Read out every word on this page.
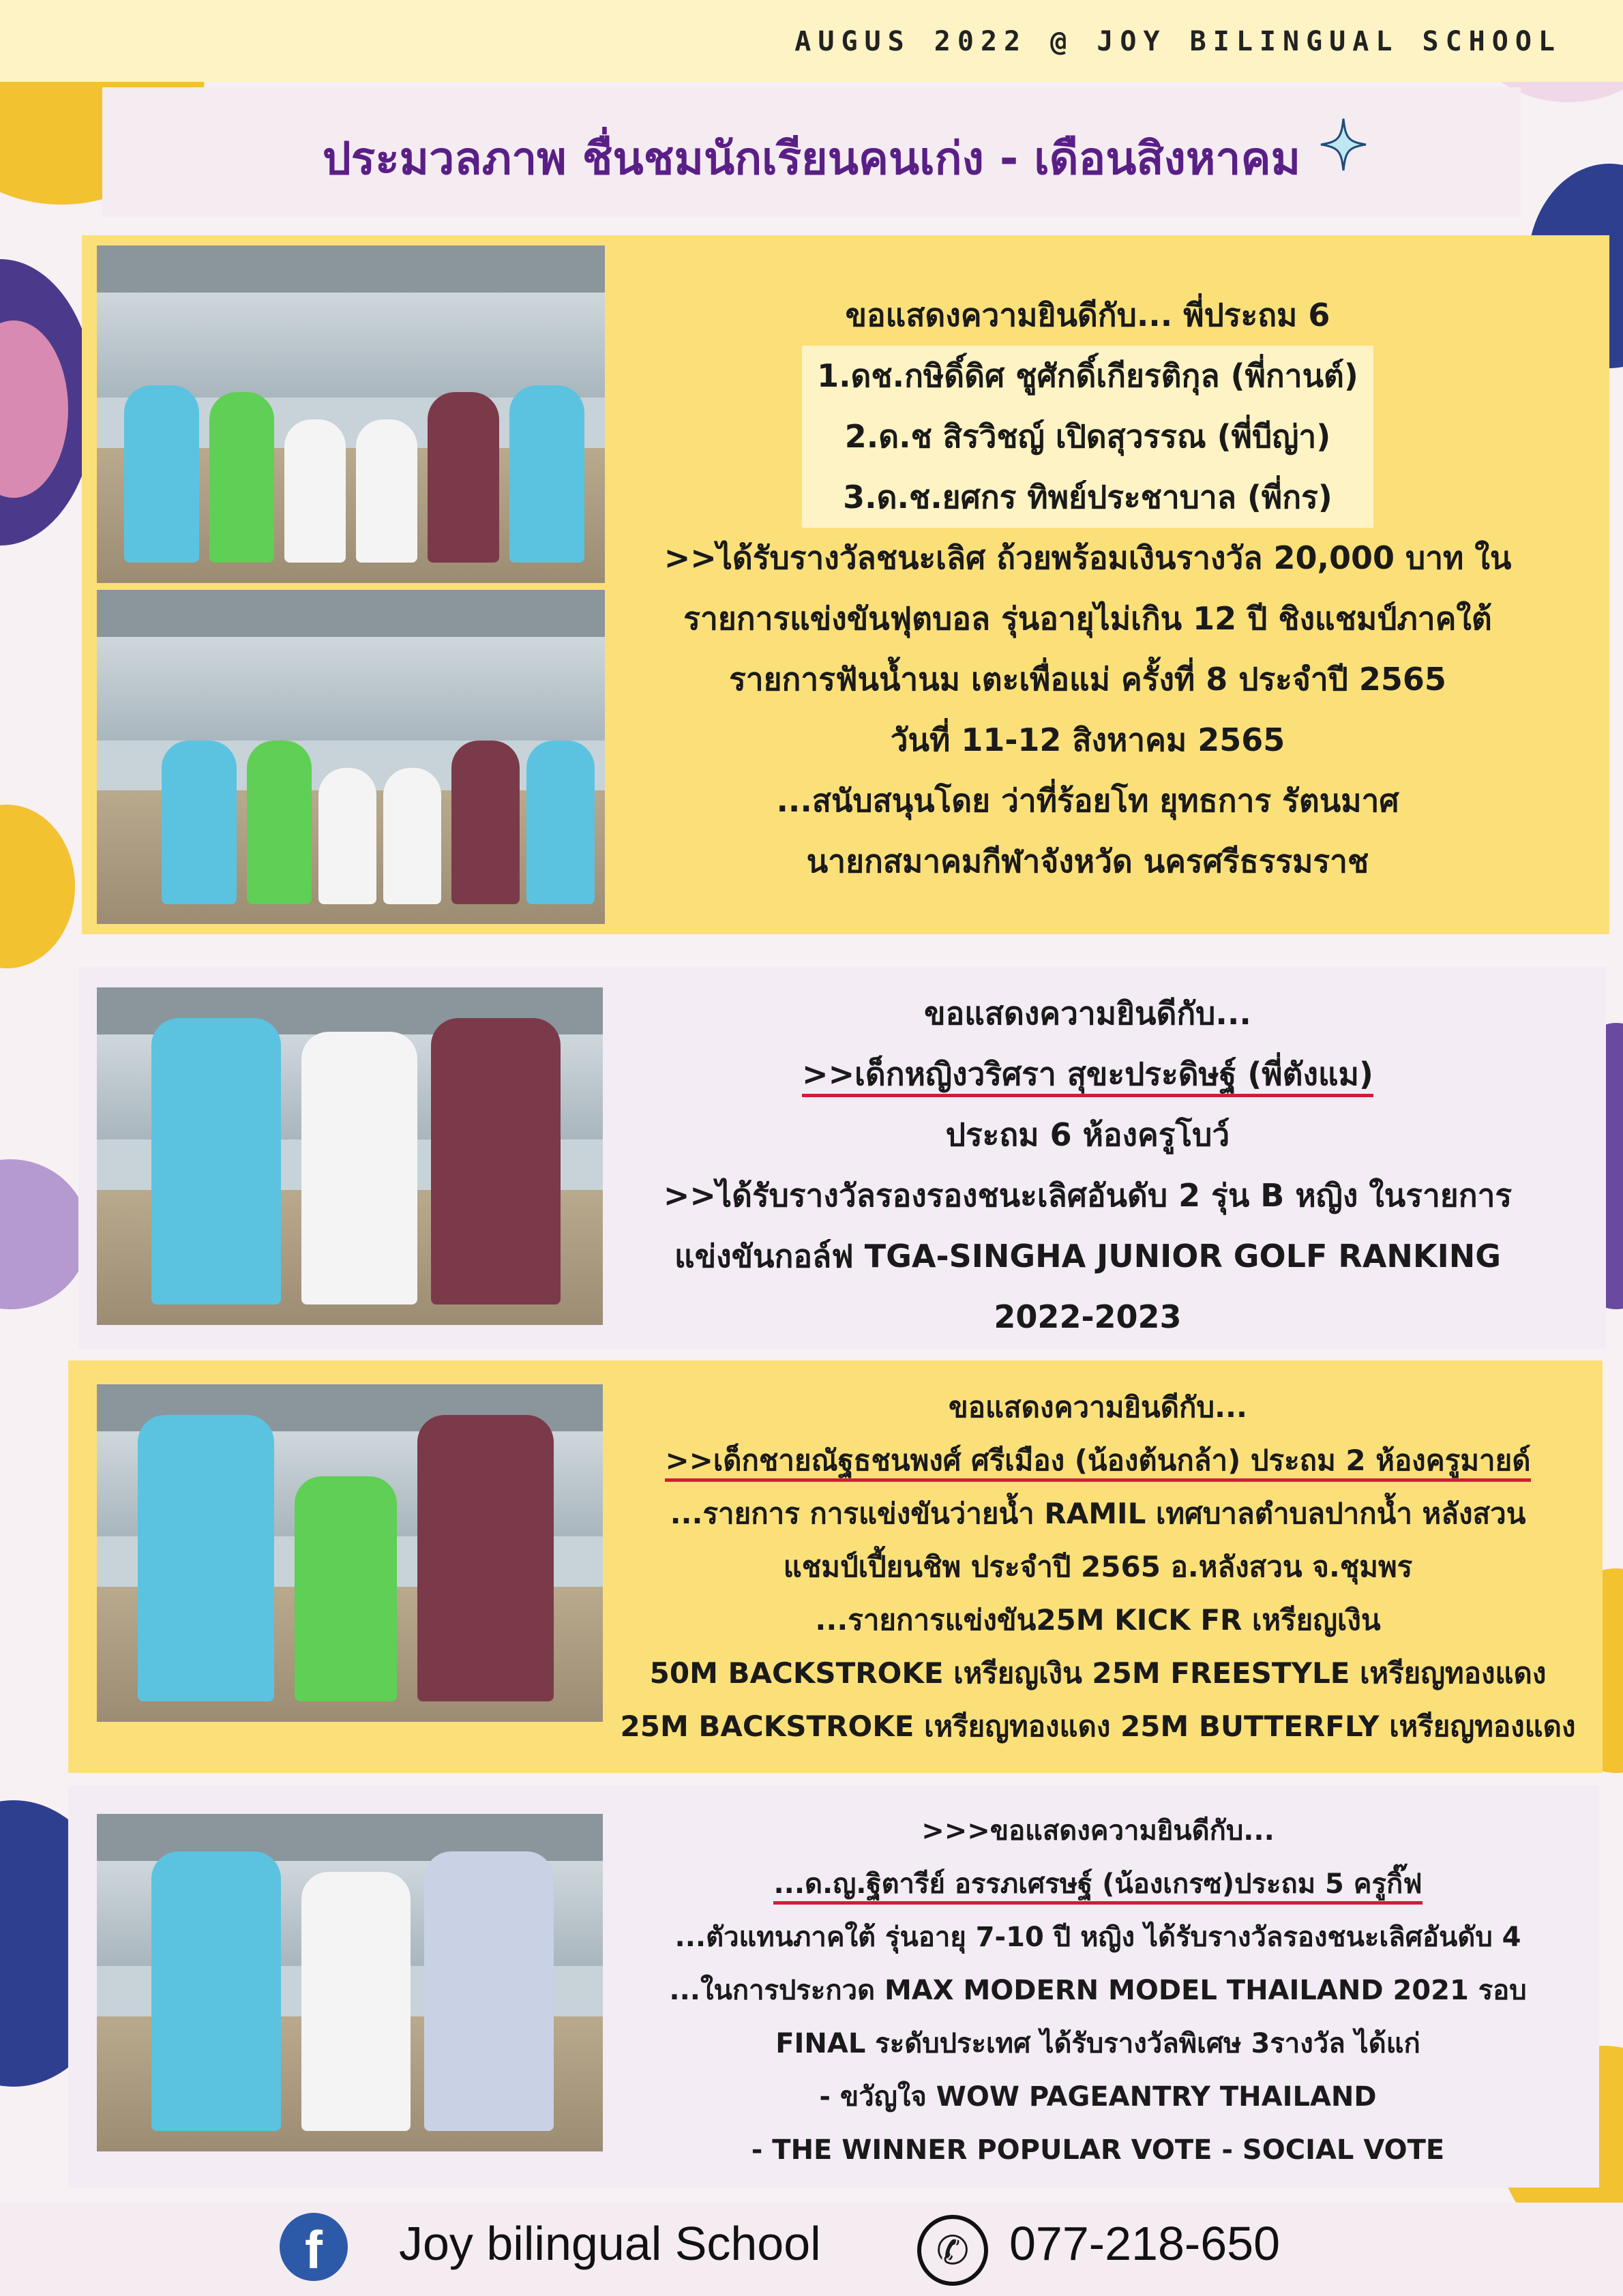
AUGUS 2022 @ JOY BILINGUAL SCHOOL
ประมวลภาพ ชื่นชมนักเรียนคนเก่ง - เดือนสิงหาคม
ขอแสดงความยินดีกับ... พี่ประถม 6
1.ดช.กษิดิ์ดิศ ชูศักดิ์เกียรติกุล (พี่กานต์)
2.ด.ช สิรวิชญ์ เปิดสุวรรณ (พี่บีญ่า)
3.ด.ช.ยศกร ทิพย์ประชาบาล (พี่กร)
>>ได้รับรางวัลชนะเลิศ ถ้วยพร้อมเงินรางวัล 20,000 บาท ใน
รายการแข่งขันฟุตบอล รุ่นอายุไม่เกิน 12 ปี ชิงแชมป์ภาคใต้
รายการฟันน้ำนม เตะเพื่อแม่ ครั้งที่ 8 ประจำปี 2565
วันที่ 11-12 สิงหาคม 2565
...สนับสนุนโดย ว่าที่ร้อยโท ยุทธการ รัตนมาศ
นายกสมาคมกีฬาจังหวัด นครศรีธรรมราช
ขอแสดงความยินดีกับ...
>>เด็กหญิงวริศรา สุขะประดิษฐ์ (พี่ตังแม)
ประถม 6 ห้องครูโบว์
>>ได้รับรางวัลรองรองชนะเลิศอันดับ 2 รุ่น B หญิง ในรายการ
แข่งขันกอล์ฟ TGA-SINGHA JUNIOR GOLF RANKING
2022-2023
ขอแสดงความยินดีกับ...
>>เด็กชายณัฐธชนพงศ์ ศรีเมือง (น้องต้นกล้า) ประถม 2 ห้องครูมายด์
...รายการ การแข่งขันว่ายน้ำ RAMIL เทศบาลตำบลปากน้ำ หลังสวน
แชมป์เปี้ยนชิพ ประจำปี 2565 อ.หลังสวน จ.ชุมพร
...รายการแข่งขัน25M KICK FR เหรียญเงิน
50M BACKSTROKE เหรียญเงิน 25M FREESTYLE เหรียญทองแดง
25M BACKSTROKE เหรียญทองแดง 25M BUTTERFLY เหรียญทองแดง
>>>ขอแสดงความยินดีกับ...
...ด.ญ.ฐิตารีย์ อรรภเศรษฐ์ (น้องเกรซ)ประถม 5 ครูกิ๊ฟ
...ตัวแทนภาคใต้ รุ่นอายุ 7-10 ปี หญิง ได้รับรางวัลรองชนะเลิศอันดับ 4
...ในการประกวด MAX MODERN MODEL THAILAND 2021 รอบ
FINAL ระดับประเทศ ได้รับรางวัลพิเศษ 3รางวัล ได้แก่
- ขวัญใจ WOW PAGEANTRY THAILAND
- THE WINNER POPULAR VOTE - SOCIAL VOTE
f	Joy bilingual School	✆ 077-218-650
